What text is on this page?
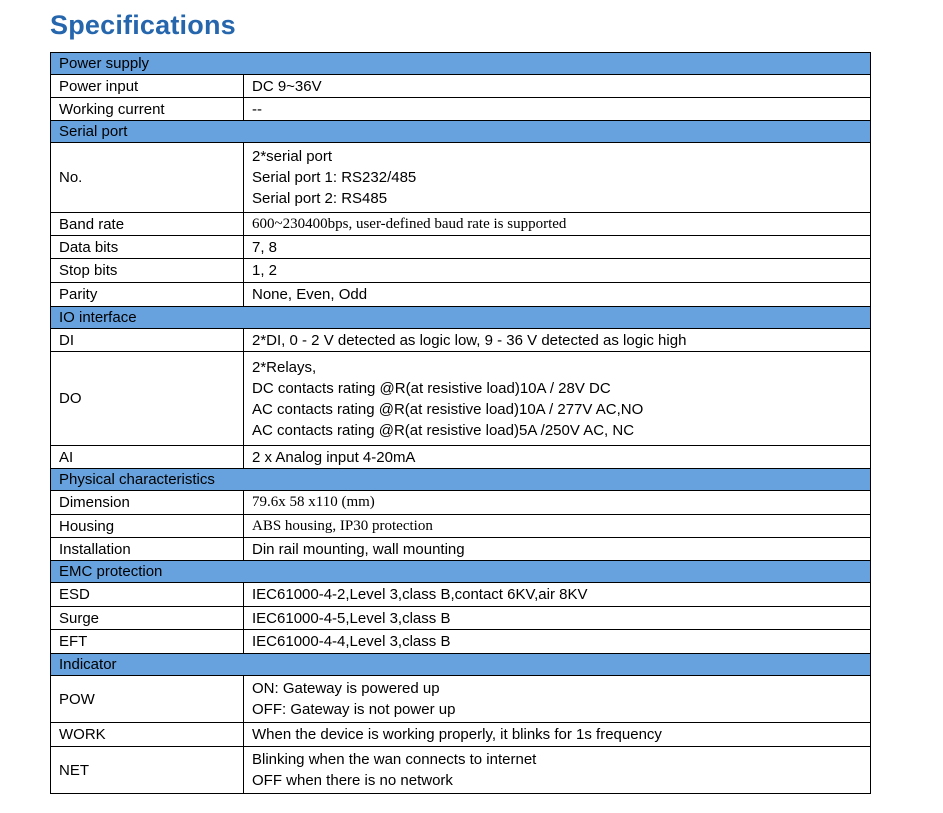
Specifications
Power supply	
Power input	DC 9~36V

Working current	--

Serial port	
No.	2*serial port
Serial port 1: RS232/485
Serial port 2: RS485

Band rate	600~230400bps, user-defined baud rate is supported

Data bits	7, 8

Stop bits	1, 2

Parity	None, Even, Odd

IO interface	
DI	2*DI, 0 - 2 V detected as logic low, 9 - 36 V detected as logic high

DO	2*Relays,
DC contacts rating @R(at resistive load)10A / 28V DC
AC contacts rating @R(at resistive load)10A / 277V AC,NO
AC contacts rating @R(at resistive load)5A /250V AC, NC

AI	2 x Analog input 4-20mA

Physical characteristics	
Dimension	79.6x 58 x110 (mm)

Housing	ABS housing, IP30 protection

Installation	Din rail mounting, wall mounting

EMC protection	
ESD	IEC61000-4-2,Level 3,class B,contact 6KV,air 8KV

Surge	IEC61000-4-5,Level 3,class B

EFT	IEC61000-4-4,Level 3,class B

Indicator	
POW	ON: Gateway is powered up
OFF: Gateway is not power up

WORK	When the device is working properly, it blinks for 1s frequency

NET	Blinking when the wan connects to internet
OFF when there is no network
